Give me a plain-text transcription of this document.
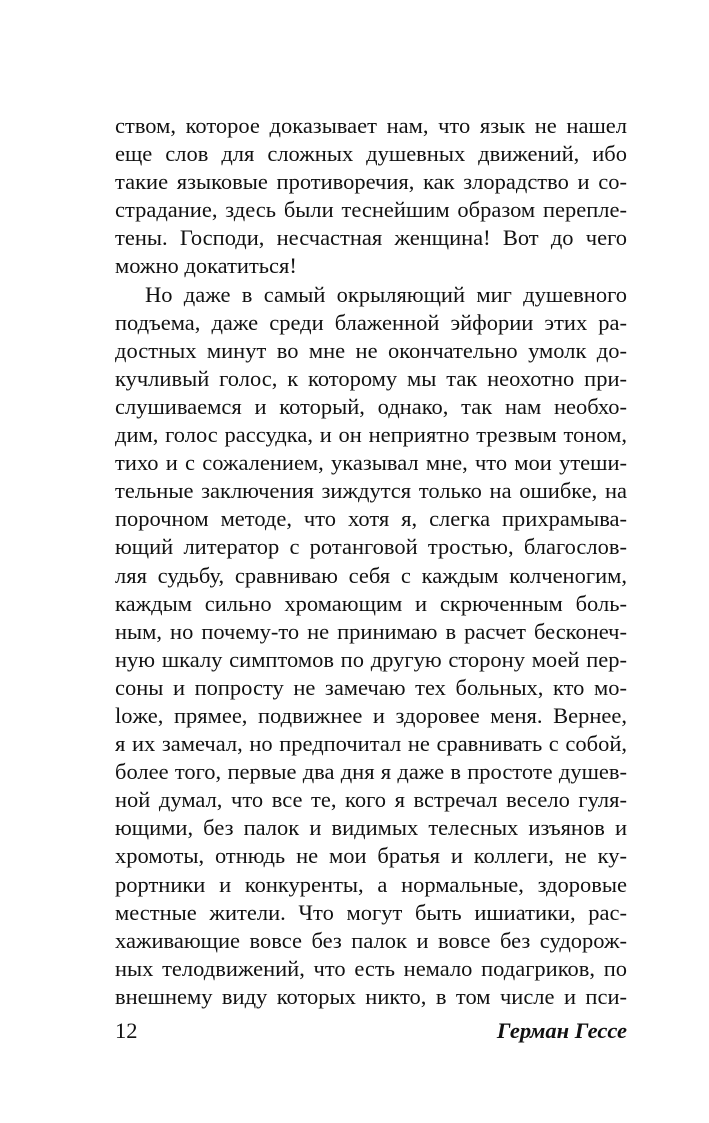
ством, которое доказывает нам, что язык не нашел
еще слов для сложных душевных движений, ибо
такие языковые противоречия, как злорадство и со-
страдание, здесь были теснейшим образом перепле-
тены. Господи, несчастная женщина! Вот до чего
можно докатиться!
Но даже в самый окрыляющий миг душевного
подъема, даже среди блаженной эйфории этих ра-
достных минут во мне не окончательно умолк до-
кучливый голос, к которому мы так неохотно при-
слушиваемся и который, однако, так нам необхо-
дим, голос рассудка, и он неприятно трезвым тоном,
тихо и с сожалением, указывал мне, что мои утеши-
тельные заключения зиждутся только на ошибке, на
порочном методе, что хотя я, слегка прихрамыва-
ющий литератор с ротанговой тростью, благослов-
ляя судьбу, сравниваю себя с каждым колченогим,
каждым сильно хромающим и скрюченным боль-
ным, но почему-то не принимаю в расчет бесконеч-
ную шкалу симптомов по другую сторону моей пер-
соны и попросту не замечаю тех больных, кто мо-
loже, прямее, подвижнее и здоровее меня. Вернее,
я их замечал, но предпочитал не сравнивать с собой,
более того, первые два дня я даже в простоте душев-
ной думал, что все те, кого я встречал весело гуля-
ющими, без палок и видимых телесных изъянов и
хромоты, отнюдь не мои братья и коллеги, не ку-
рортники и конкуренты, а нормальные, здоровые
местные жители. Что могут быть ишиатики, рас-
хаживающие вовсе без палок и вовсе без судорож-
ных телодвижений, что есть немало подагриков, по
внешнему виду которых никто, в том числе и пси-
12	Герман Гессе
